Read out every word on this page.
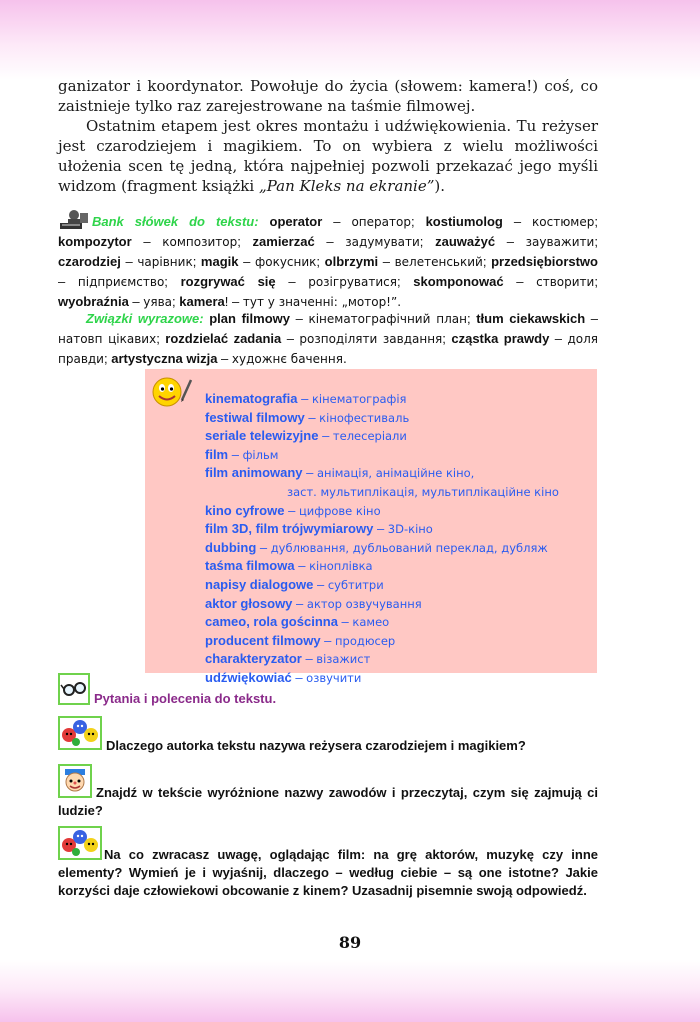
ganizator i koordynator. Powołuje do życia (słowem: kamera!) coś, co zaistnieje tylko raz zarejestrowane na taśmie filmowej.

Ostatnim etapem jest okres montażu i udźwiękowienia. Tu reżyser jest czarodziejem i magikiem. To on wybiera z wielu możliwości ułożenia scen tę jedną, która najpełniej pozwoli przekazać jego myśli widzom (fragment książki „Pan Kleks na ekranie”).

Bank słówek do tekstu: operator – оператор; kostiumolog – костюмер; kompozytor – композитор; zamierzać – задумувати; zauważyć – зауважити; czarodziej – чарівник; magik – фокусник; olbrzymi – велетенський; przedsiębiorstwo – підприємство; rozgrywać się – розігруватися; skomponować – створити; wyobraźnia – уява; kamera! – тут у значенні: „мотор!”.
Związki wyrazowe: plan filmowy – кінематографічний план; tłum ciekawskich – натовп цікавих; rozdzielać zadania – розподіляти завдання; cząstka prawdy – доля правди; artystyczna wizja – художнє бачення.
kinematografia – кінематографія
festiwal filmowy – кінофестиваль
seriale telewizyjne – телесеріали
film – фільм
film animowany – анімація, анімаційне кіно,
заст. мультиплікація, мультиплікаційне кіно
kino cyfrowe – цифрове кіно
film 3D, film trójwymiarowy – 3D-кіно
dubbing – дублювання, дубльований переклад, дубляж
taśma filmowa – кіноплівка
napisy dialogowe – субтитри
aktor głosowy – актор озвучування
cameo, rola gościnna – камео
producent filmowy – продюсер
charakteryzator – візажист
udźwiękowiać – озвучити
Pytania i polecenia do tekstu.
Dlaczego autorka tekstu nazywa reżysera czarodziejem i magikiem?
Znajdź w tekście wyróżnione nazwy zawodów i przeczytaj, czym się zajmują ci ludzie?
Na co zwracasz uwagę, oglądając film: na grę aktorów, muzykę czy inne elementy? Wymień je i wyjaśnij, dlaczego – według ciebie – są one istotne? Jakie korzyści daje człowiekowi obcowanie z kinem? Uzasadnij pisemnie swoją odpowiedź.
89
